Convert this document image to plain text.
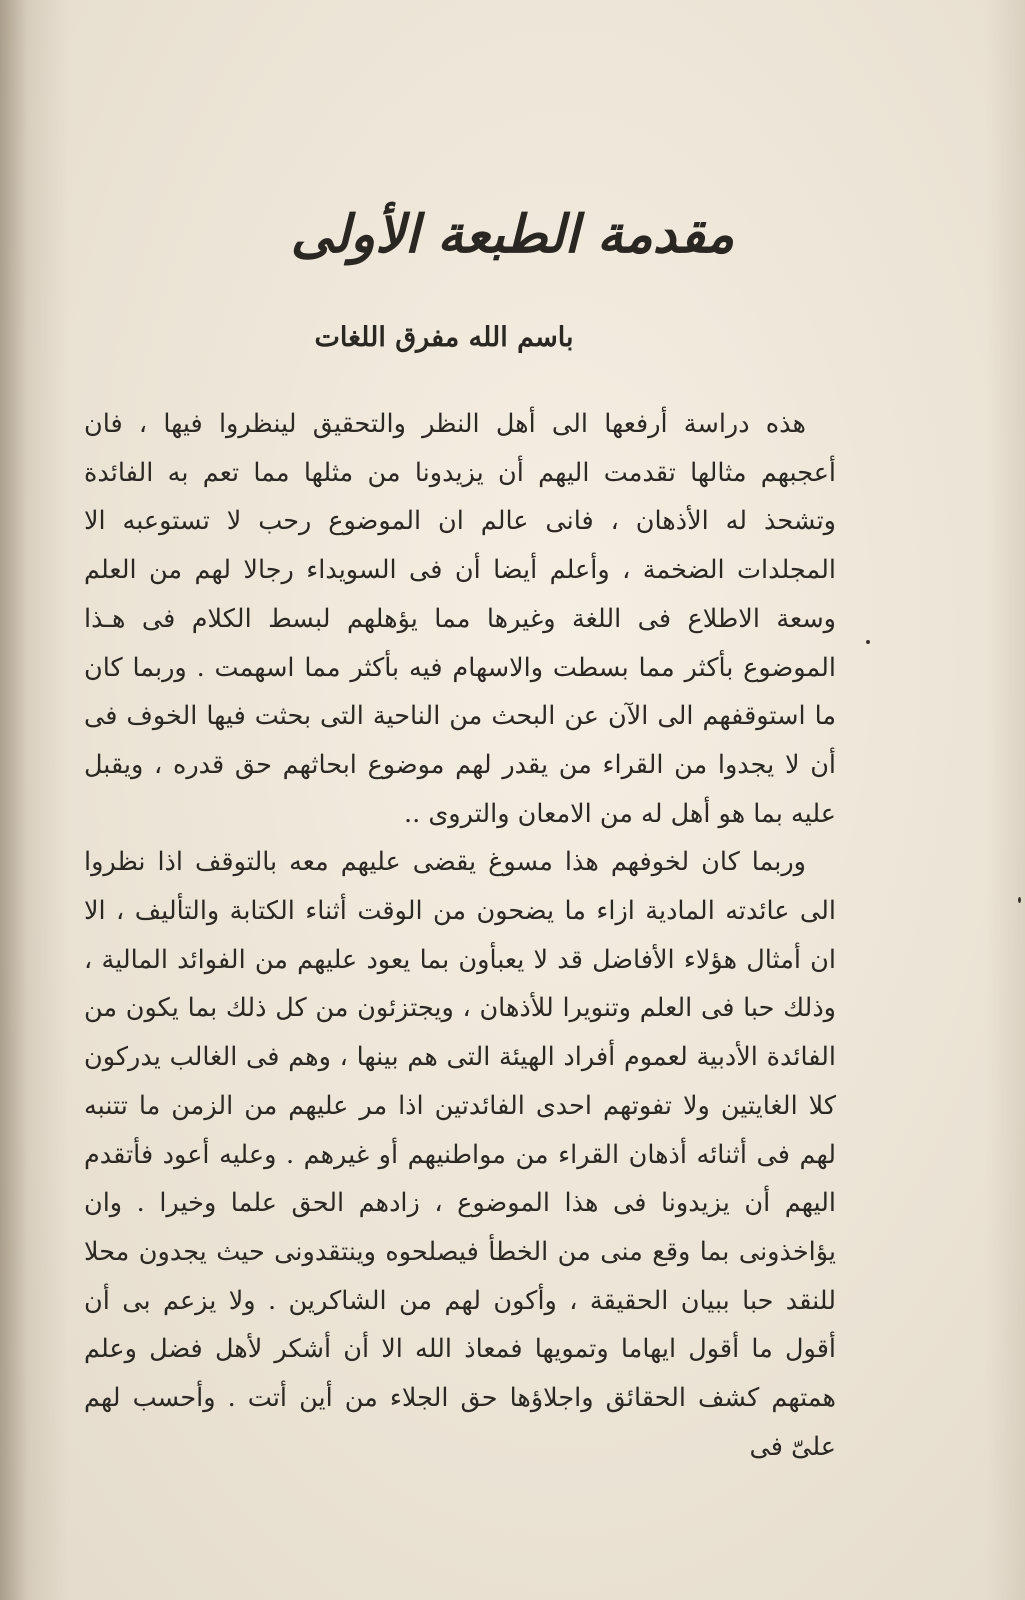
مقدمة الطبعة الأولى
باسم الله مفرق اللغات

هذه دراسة أرفعها الى أهل النظر والتحقيق لينظروا فيها ، فان أعجبهم مثالها تقدمت اليهم أن يزيدونا من مثلها مما تعم به الفائدة وتشحذ له الأذهان ، فانى عالم ان الموضوع رحب لا تستوعبه الا المجلدات الضخمة ، وأعلم أيضا أن فى السويداء رجالا لهم من العلم وسعة الاطلاع فى اللغة وغيرها مما يؤهلهم لبسط الكلام فى هـذا الموضوع بأكثر مما بسطت والاسهام فيه بأكثر مما اسهمت . وربما كان ما استوقفهم الى الآن عن البحث من الناحية التى بحثت فيها الخوف فى أن لا يجدوا من القراء من يقدر لهم موضوع ابحاثهم حق قدره ، ويقبل عليه بما هو أهل له من الامعان والتروى ..

وربما كان لخوفهم هذا مسوغ يقضى عليهم معه بالتوقف اذا نظروا الى عائدته المادية ازاء ما يضحون من الوقت أثناء الكتابة والتأليف ، الا ان أمثال هؤلاء الأفاضل قد لا يعبأون بما يعود عليهم من الفوائد المالية ، وذلك حبا فى العلم وتنويرا للأذهان ، ويجتزئون من كل ذلك بما يكون من الفائدة الأدبية لعموم أفراد الهيئة التى هم بينها ، وهم فى الغالب يدركون كلا الغايتين ولا تفوتهم احدى الفائدتين اذا مر عليهم من الزمن ما تتنبه لهم فى أثنائه أذهان القراء من مواطنيهم أو غيرهم . وعليه أعود فأتقدم اليهم أن يزيدونا فى هذا الموضوع ، زادهم الحق علما وخيرا . وان يؤاخذونى بما وقع منى من الخطأ فيصلحوه وينتقدونى حيث يجدون محلا للنقد حبا ببيان الحقيقة ، وأكون لهم من الشاكرين . ولا يزعم بى أن أقول ما أقول ايهاما وتمويها فمعاذ الله الا أن أشكر لأهل فضل وعلم همتهم كشف الحقائق واجلاؤها حق الجلاء من أين أتت . وأحسب لهم علىّ فى
